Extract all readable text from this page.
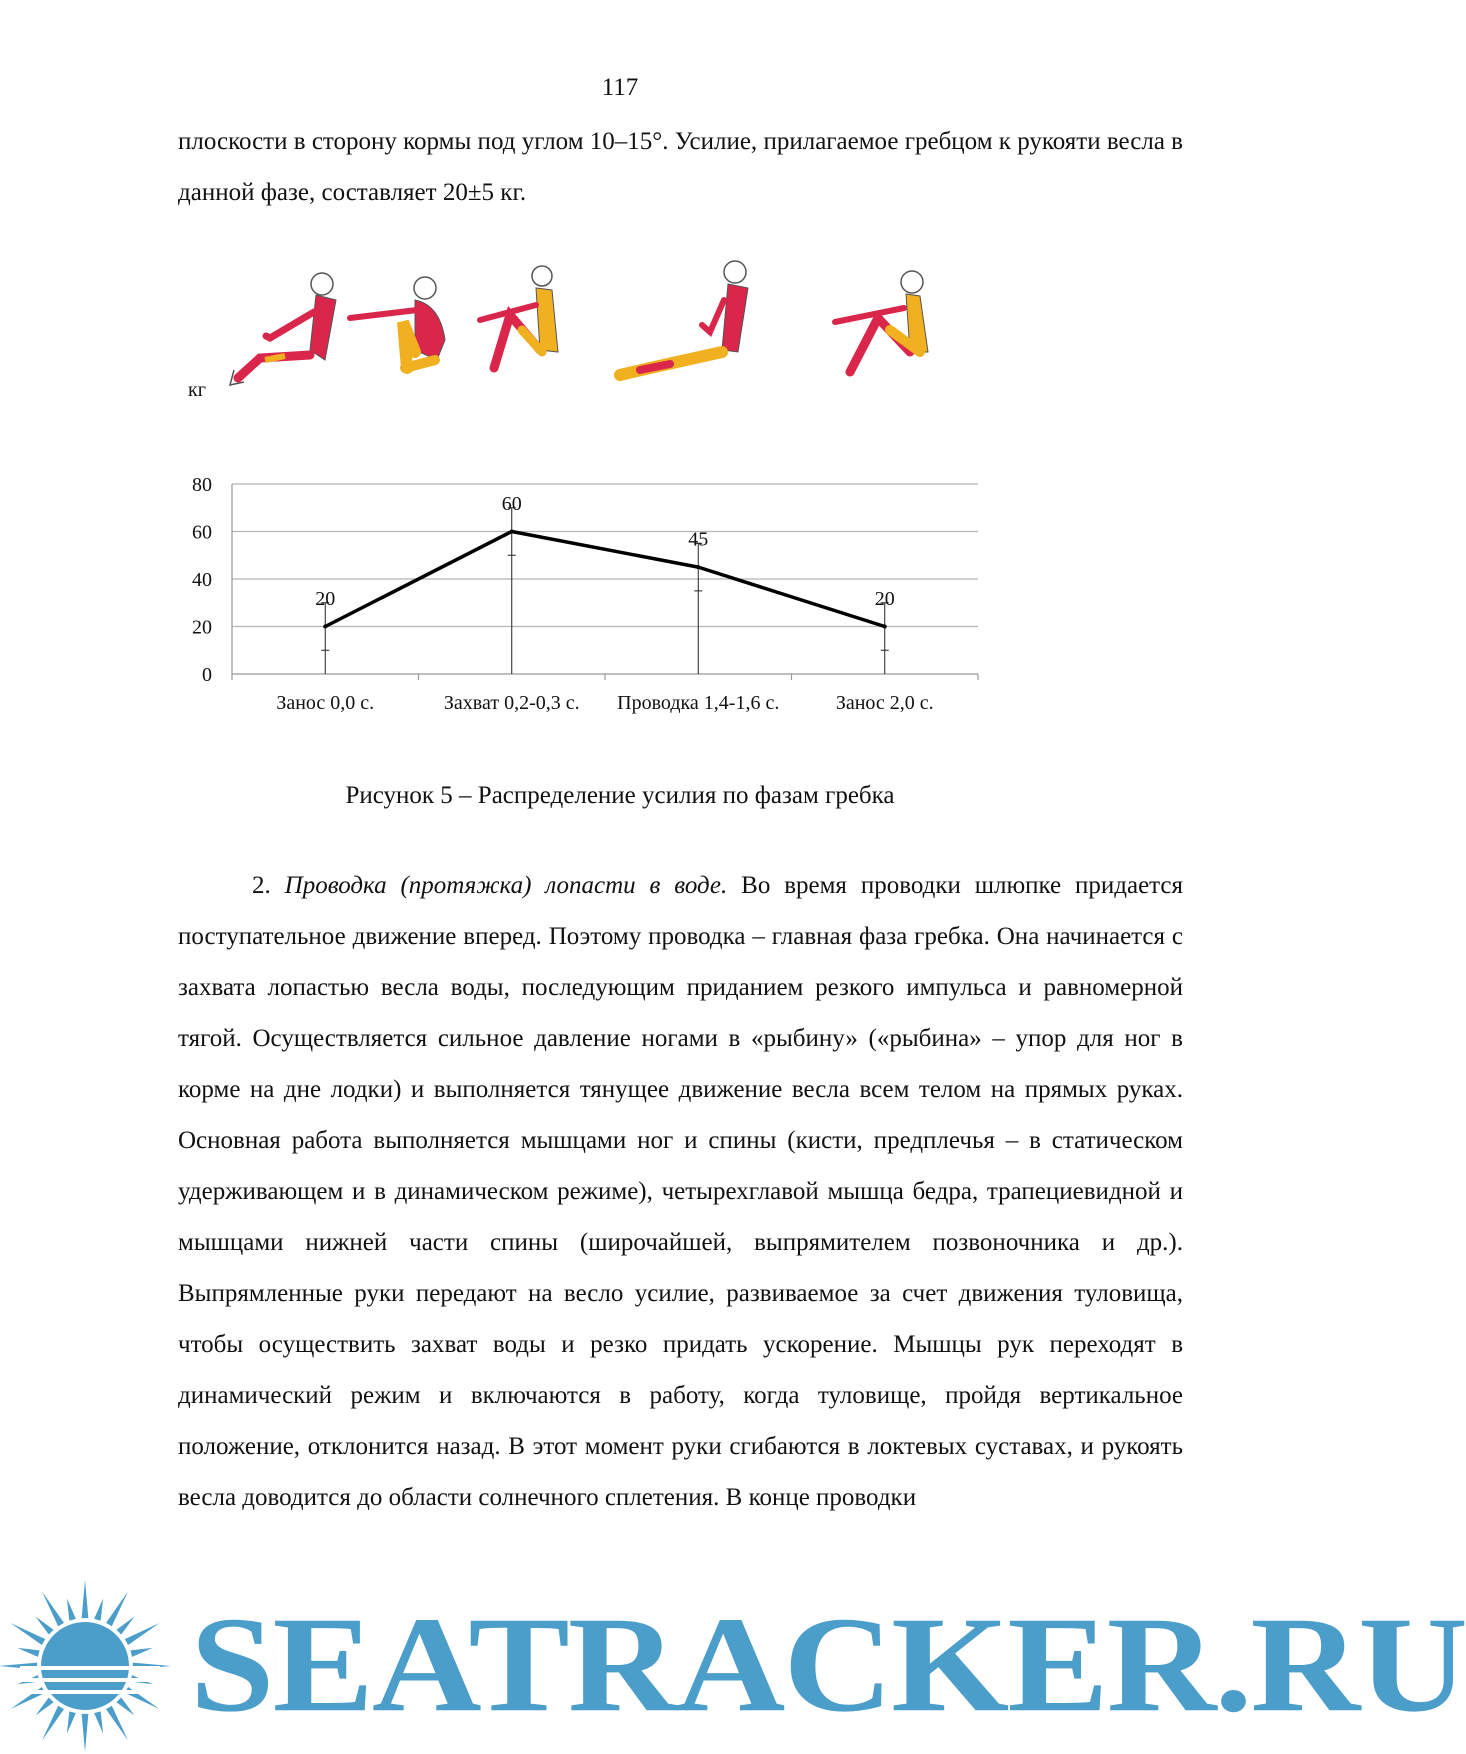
117

плоскости в сторону кормы под углом 10–15°. Усилие, прилагаемое гребцом к рукояти весла в данной фазе, составляет 20±5 кг.

кг
0
20
40
60
80
Занос 0,0 с.	Захват 0,2-0,3 с. Проводка 1,4-1,6 с.	Занос 2,0 с.
20
60
45
20
Рисунок 5 – Распределение усилия по фазам гребка

2. Проводка (протяжка) лопасти в воде. Во время проводки шлюпке придается поступательное движение вперед. Поэтому проводка – главная фаза гребка. Она начинается с захвата лопастью весла воды, последующим приданием резкого импульса и равномерной тягой. Осуществляется сильное давление ногами в «рыбину» («рыбина» – упор для ног в корме на дне лодки) и выполняется тянущее движение весла всем телом на прямых руках. Основная работа выполняется мышцами ног и спины (кисти, предплечья – в статическом удерживающем и в динамическом режиме), четырехглавой мышца бедра, трапециевидной и мышцами нижней части спины (широчайшей, выпрямителем позвоночника и др.). Выпрямленные руки передают на весло усилие, развиваемое за счет движения туловища, чтобы осуществить захват воды и резко придать ускорение. Мышцы рук переходят в динамический режим и включаются в работу, когда туловище, пройдя вертикальное положение, отклонится назад. В этот момент руки сгибаются в локтевых суставах, и рукоять весла доводится до области солнечного сплетения. В конце проводки

SEATRACKER.RU
